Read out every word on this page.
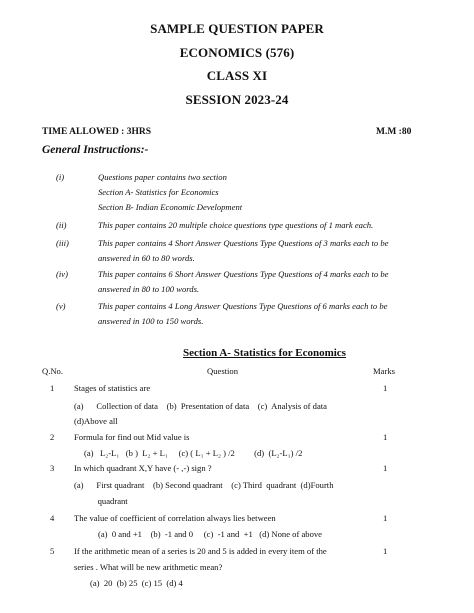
SAMPLE QUESTION PAPER
ECONOMICS (576)
CLASS XI
SESSION 2023-24
TIME ALLOWED : 3HRS	M.M :80
General Instructions:-
(i)	Questions paper contains two section
Section A- Statistics for Economics
Section B- Indian Economic Development
(ii)	This paper contains 20 multiple choice questions type questions of 1 mark each.
(iii)	This paper contains 4 Short Answer Questions Type Questions of 3 marks each to be
answered in 60 to 80 words.
(iv)	This paper contains 6 Short Answer Questions Type Questions of 4 marks each to be
answered in 80 to 100 words.
(v)	This paper contains 4 Long Answer Questions Type Questions of 6 marks each to be
answered in 100 to 150 words.
Section A- Statistics for Economics
Q.No.	Question	Marks
1 Stages of statistics are	1
(a)      Collection of data    (b)  Presentation of data    (c)  Analysis of data
(d)Above all
2 Formula for find out Mid value is	1
(a)   L₂-L₁   (b )  L₂ + L₁     (c) ( L₁ + L₂ ) /2         (d)  (L₂-L₁) /2
3 In which quadrant X,Y have (- ,-) sign ?	1
(a)      First quadrant    (b) Second quadrant    (c) Third  quadrant  (d)Fourth
quadrant
4 The value of coefficient of correlation always lies between	1
(a)  0 and +1    (b)  -1 and 0     (c)  -1 and  +1   (d) None of above
5 If the arithmetic mean of a series is 20 and 5 is added in every item of the	1
series . What will be new arithmetic mean?
(a)  20  (b) 25  (c) 15  (d) 4
